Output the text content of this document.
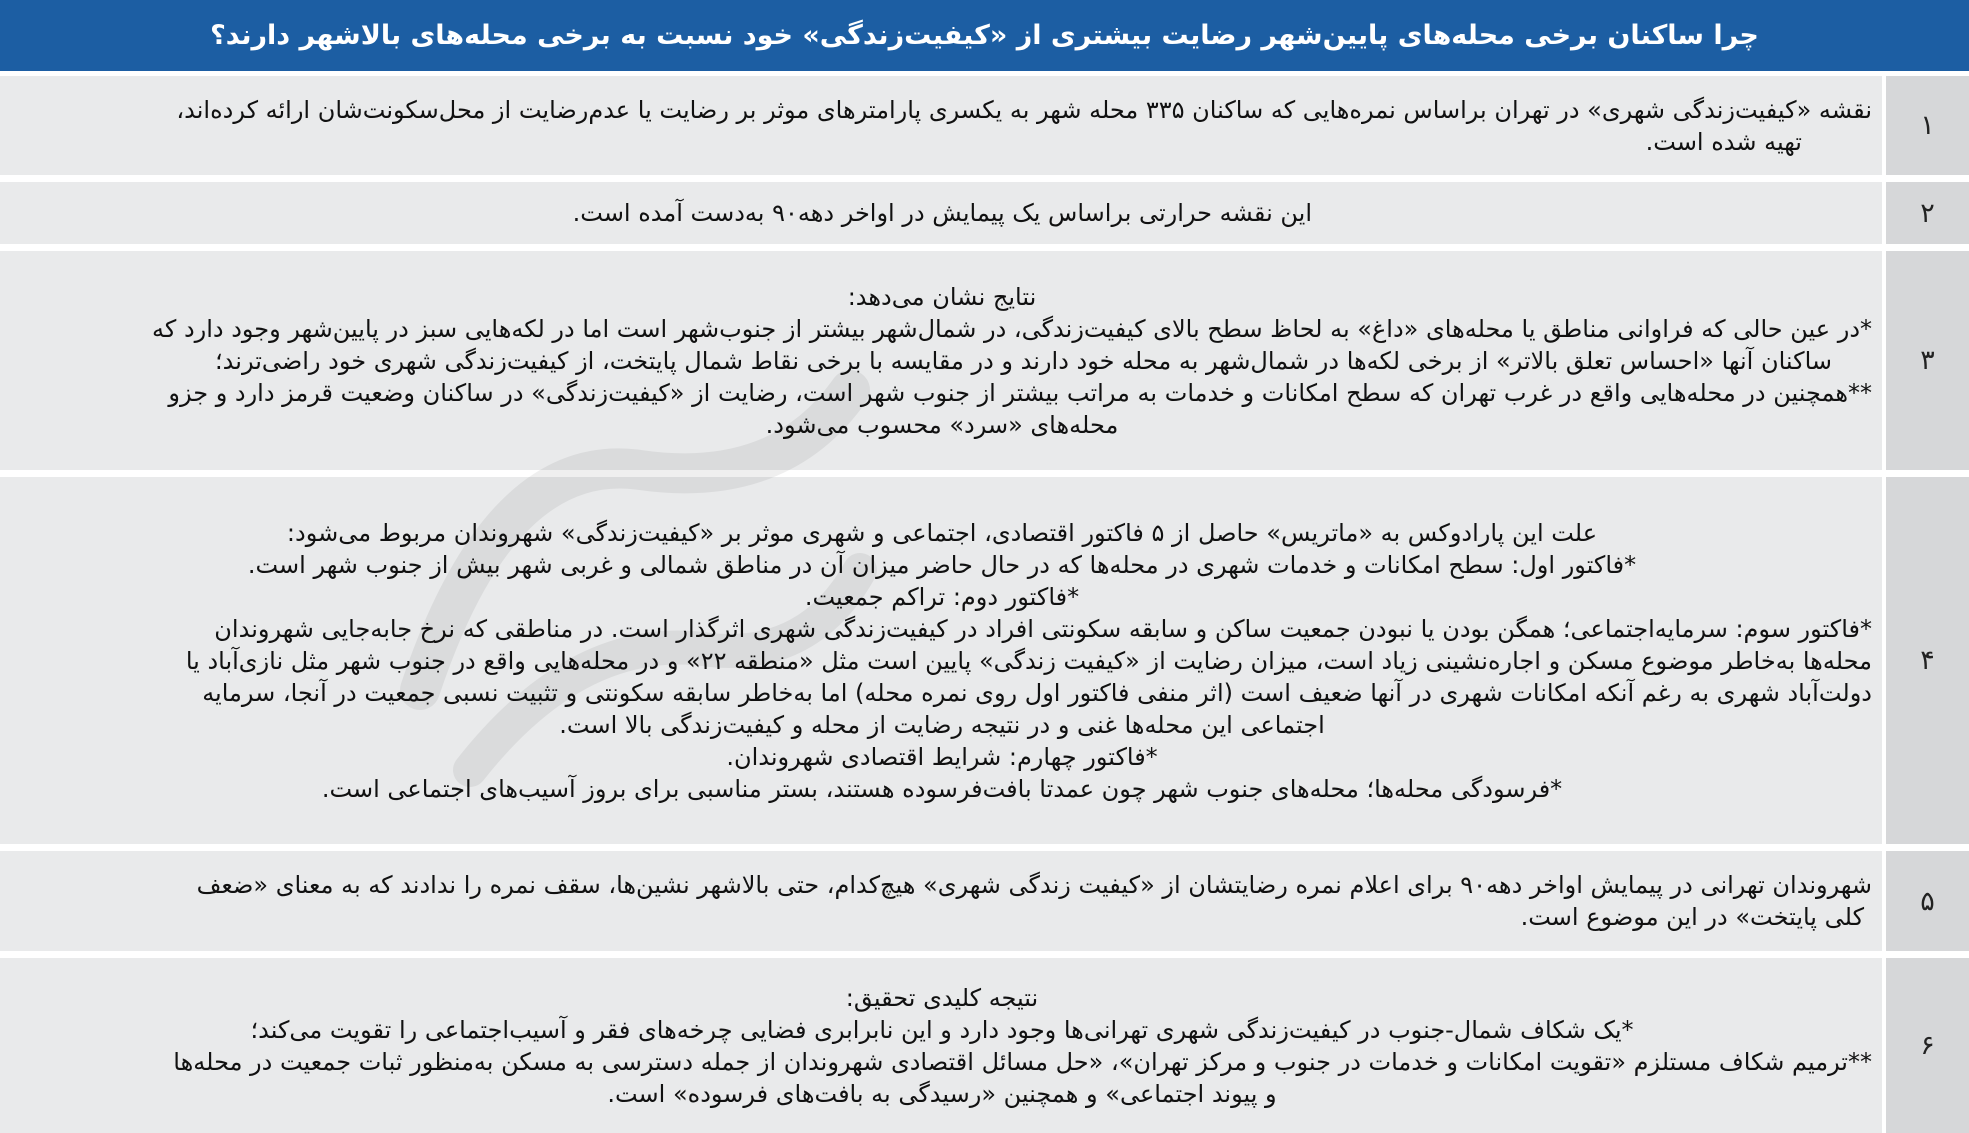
چرا ساکنان برخی محله‌های پایین‌شهر رضایت بیشتری از «کیفیت‌زندگی» خود نسبت به برخی محله‌های بالاشهر دارند؟
۱
نقشه «کیفیت‌زندگی شهری» در تهران براساس نمره‌هایی که ساکنان ۳۳۵ محله شهر به یکسری پارامترهای موثر بر رضایت یا عدم‌رضایت از محل‌سکونت‌شان ارائه کرده‌اند،
تهیه شده است.
۲
این نقشه حرارتی براساس یک پیمایش در اواخر دهه۹۰ به‌دست آمده است.
۳
نتایج نشان می‌دهد:
*در عین حالی که فراوانی مناطق یا محله‌های «داغ» به لحاظ سطح بالای کیفیت‌زندگی، در شمال‌شهر بیشتر از جنوب‌شهر است اما در لکه‌هایی سبز در پایین‌شهر وجود دارد که
ساکنان آنها «احساس تعلق بالاتر» از برخی لکه‌ها در شمال‌شهر به محله خود دارند و در مقایسه با برخی نقاط شمال پایتخت، از کیفیت‌زندگی شهری خود راضی‌ترند؛
**همچنین در محله‌هایی واقع در غرب تهران که سطح امکانات و خدمات به مراتب بیشتر از جنوب شهر است، رضایت از «کیفیت‌زندگی» در ساکنان وضعیت قرمز دارد و جزو
محله‌های «سرد» محسوب می‌شود.
۴
علت این پارادوکس به «ماتریس» حاصل از ۵ فاکتور اقتصادی، اجتماعی و شهری موثر بر «کیفیت‌زندگی» شهروندان مربوط می‌شود:
*فاکتور اول: سطح امکانات و خدمات شهری در محله‌ها که در حال حاضر میزان آن در مناطق شمالی و غربی شهر بیش از جنوب شهر است.
*فاکتور دوم: تراکم جمعیت.
*فاکتور سوم: سرمایه‌اجتماعی؛ همگن بودن یا نبودن جمعیت ساکن و سابقه سکونتی افراد در کیفیت‌زندگی شهری اثرگذار است. در مناطقی که نرخ جابه‌جایی شهروندان
محله‌ها به‌خاطر موضوع مسکن و اجاره‌نشینی زیاد است، میزان رضایت از «کیفیت زندگی» پایین است مثل «منطقه ۲۲» و در محله‌هایی واقع در جنوب شهر مثل نازی‌آباد یا
دولت‌آباد شهری به رغم آنکه امکانات شهری در آنها ضعیف است (اثر منفی فاکتور اول روی نمره محله) اما به‌خاطر سابقه سکونتی و تثبیت نسبی جمعیت در آنجا، سرمایه
اجتماعی این محله‌ها غنی و در نتیجه رضایت از محله و کیفیت‌زندگی بالا است.
*فاکتور چهارم: شرایط اقتصادی شهروندان.
*فرسودگی محله‌ها؛ محله‌های جنوب شهر چون عمدتا بافت‌فرسوده هستند، بستر مناسبی برای بروز آسیب‌های اجتماعی است.
۵
شهروندان تهرانی در پیمایش اواخر دهه۹۰ برای اعلام نمره رضایتشان از «کیفیت زندگی شهری» هیچ‌کدام، حتی بالاشهر نشین‌ها، سقف نمره را ندادند که به معنای «ضعف
کلی پایتخت» در این موضوع است.
۶
نتیجه کلیدی تحقیق:
*یک شکاف شمال-جنوب در کیفیت‌زندگی شهری تهرانی‌ها وجود دارد و این نابرابری فضایی چرخه‌های فقر و آسیب‌اجتماعی را تقویت می‌کند؛
**ترمیم شکاف مستلزم «تقویت امکانات و خدمات در جنوب و مرکز تهران»، «حل مسائل اقتصادی شهروندان از جمله دسترسی به مسکن به‌منظور ثبات جمعیت در محله‌ها
و پیوند اجتماعی» و همچنین «رسیدگی به بافت‌های فرسوده» است.
